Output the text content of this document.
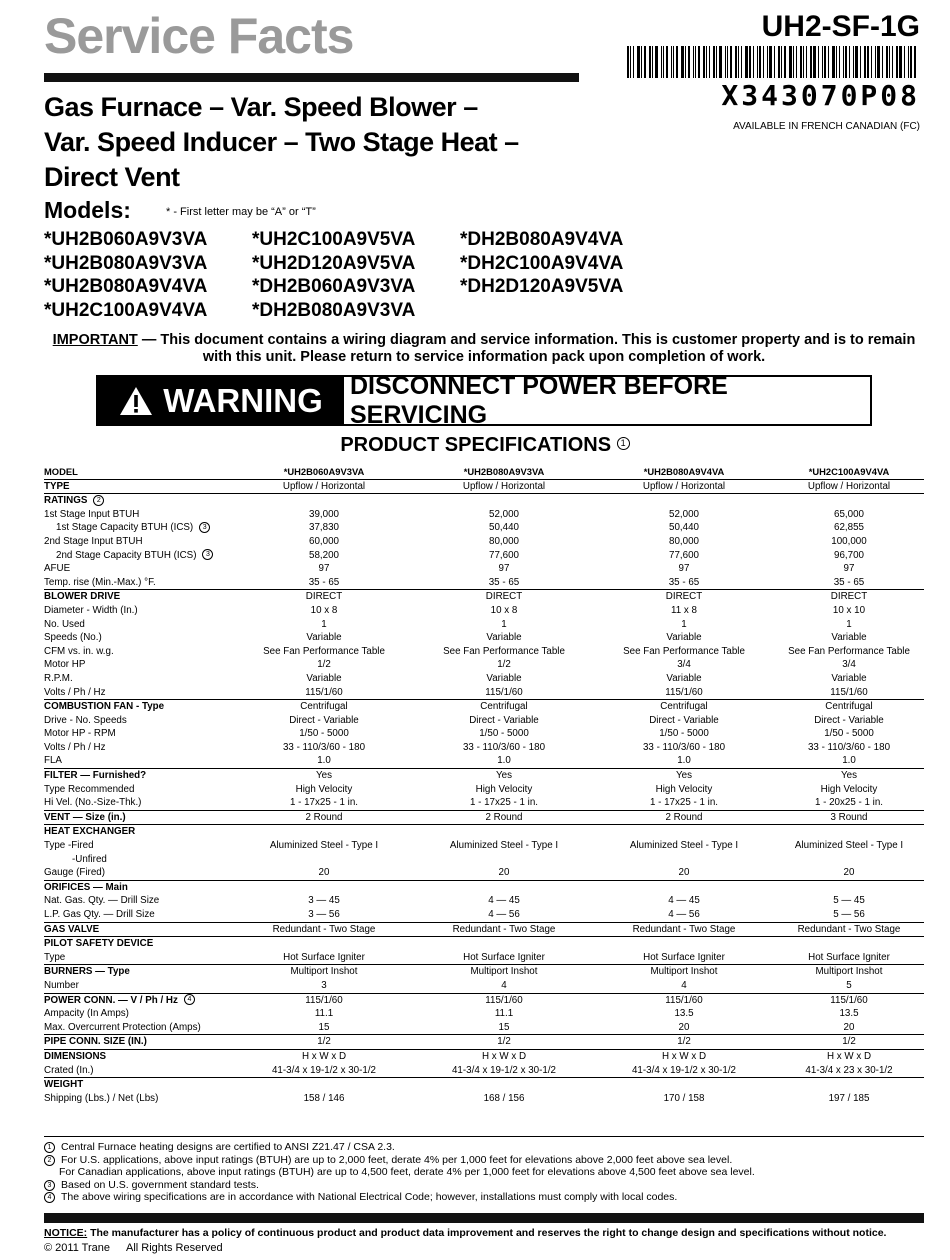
Service Facts	UH2-SF-1G
X343070P08
AVAILABLE IN FRENCH CANADIAN (FC)
Gas Furnace – Var. Speed Blower –
Var. Speed Inducer – Two Stage Heat –
Direct Vent
Models:	* - First letter may be “A” or “T”
*UH2B060A9V3VA	*UH2C100A9V5VA	*DH2B080A9V4VA
*UH2B080A9V3VA	*UH2D120A9V5VA	*DH2C100A9V4VA
*UH2B080A9V4VA	*DH2B060A9V3VA	*DH2D120A9V5VA
*UH2C100A9V4VA	*DH2B080A9V3VA
IMPORTANT — This document contains a wiring diagram and service information. This is customer property and is to remain with this unit. Please return to service information pack upon completion of work.
WARNING DISCONNECT POWER BEFORE SERVICING
PRODUCT SPECIFICATIONS 1
MODEL	*UH2B060A9V3VA	*UH2B080A9V3VA	*UH2B080A9V4VA	*UH2C100A9V4VA
TYPE	Upflow / Horizontal	Upflow / Horizontal	Upflow / Horizontal	Upflow / Horizontal
RATINGS 2				
1st Stage Input BTUH	39,000	52,000	52,000	65,000
1st Stage Capacity BTUH (ICS) 3	37,830	50,440	50,440	62,855
2nd Stage Input BTUH	60,000	80,000	80,000	100,000
2nd Stage Capacity BTUH (ICS) 3	58,200	77,600	77,600	96,700
AFUE	97	97	97	97
Temp. rise (Min.-Max.) °F.	35 - 65	35 - 65	35 - 65	35 - 65
BLOWER DRIVE	DIRECT	DIRECT	DIRECT	DIRECT
Diameter - Width (In.)	10 x 8	10 x 8	11 x 8	10 x 10
No. Used	1	1	1	1
Speeds (No.)	Variable	Variable	Variable	Variable
CFM vs. in. w.g.	See Fan Performance Table	See Fan Performance Table	See Fan Performance Table	See Fan Performance Table
Motor HP	1/2	1/2	3/4	3/4
R.P.M.	Variable	Variable	Variable	Variable
Volts / Ph / Hz	115/1/60	115/1/60	115/1/60	115/1/60
COMBUSTION FAN - Type	Centrifugal	Centrifugal	Centrifugal	Centrifugal
Drive - No. Speeds	Direct - Variable	Direct - Variable	Direct - Variable	Direct - Variable
Motor HP - RPM	1/50 - 5000	1/50 - 5000	1/50 - 5000	1/50 - 5000
Volts / Ph / Hz	33 - 110/3/60 - 180	33 - 110/3/60 - 180	33 - 110/3/60 - 180	33 - 110/3/60 - 180
FLA	1.0	1.0	1.0	1.0
FILTER — Furnished?	Yes	Yes	Yes	Yes
Type Recommended	High Velocity	High Velocity	High Velocity	High Velocity
Hi Vel. (No.-Size-Thk.)	1 - 17x25 - 1 in.	1 - 17x25 - 1 in.	1 - 17x25 - 1 in.	1 - 20x25 - 1 in.
VENT — Size (in.)	2 Round	2 Round	2 Round	3 Round
HEAT EXCHANGER				
Type -Fired	Aluminized Steel - Type I	Aluminized Steel - Type I	Aluminized Steel - Type I	Aluminized Steel - Type I
-Unfired				
Gauge (Fired)	20	20	20	20
ORIFICES — Main				
Nat. Gas. Qty. — Drill Size	3 — 45	4 — 45	4 — 45	5 — 45
L.P. Gas Qty. — Drill Size	3 — 56	4 — 56	4 — 56	5 — 56
GAS VALVE	Redundant - Two Stage	Redundant - Two Stage	Redundant - Two Stage	Redundant - Two Stage
PILOT SAFETY DEVICE				
Type	Hot Surface Igniter	Hot Surface Igniter	Hot Surface Igniter	Hot Surface Igniter
BURNERS — Type	Multiport Inshot	Multiport Inshot	Multiport Inshot	Multiport Inshot
Number	3	4	4	5
POWER CONN. — V / Ph / Hz 4	115/1/60	115/1/60	115/1/60	115/1/60
Ampacity (In Amps)	11.1	11.1	13.5	13.5
Max. Overcurrent Protection (Amps)	15	15	20	20
PIPE CONN. SIZE (IN.)	1/2	1/2	1/2	1/2
DIMENSIONS	H x W x D	H x W x D	H x W x D	H x W x D
Crated (In.)	41-3/4 x 19-1/2 x 30-1/2	41-3/4 x 19-1/2 x 30-1/2	41-3/4 x 19-1/2 x 30-1/2	41-3/4 x 23 x 30-1/2
WEIGHT				
Shipping (Lbs.) / Net (Lbs)	158 / 146	168 / 156	170 / 158	197 / 185
1 Central Furnace heating designs are certified to ANSI Z21.47 / CSA 2.3.
2 For U.S. applications, above input ratings (BTUH) are up to 2,000 feet, derate 4% per 1,000 feet for elevations above 2,000 feet above sea level.
For Canadian applications, above input ratings (BTUH) are up to 4,500 feet, derate 4% per 1,000 feet for elevations above 4,500 feet above sea level.
3 Based on U.S. government standard tests.
4 The above wiring specifications are in accordance with National Electrical Code; however, installations must comply with local codes.
NOTICE: The manufacturer has a policy of continuous product and product data improvement and reserves the right to change design and specifications without notice.
© 2011 Trane All Rights Reserved
